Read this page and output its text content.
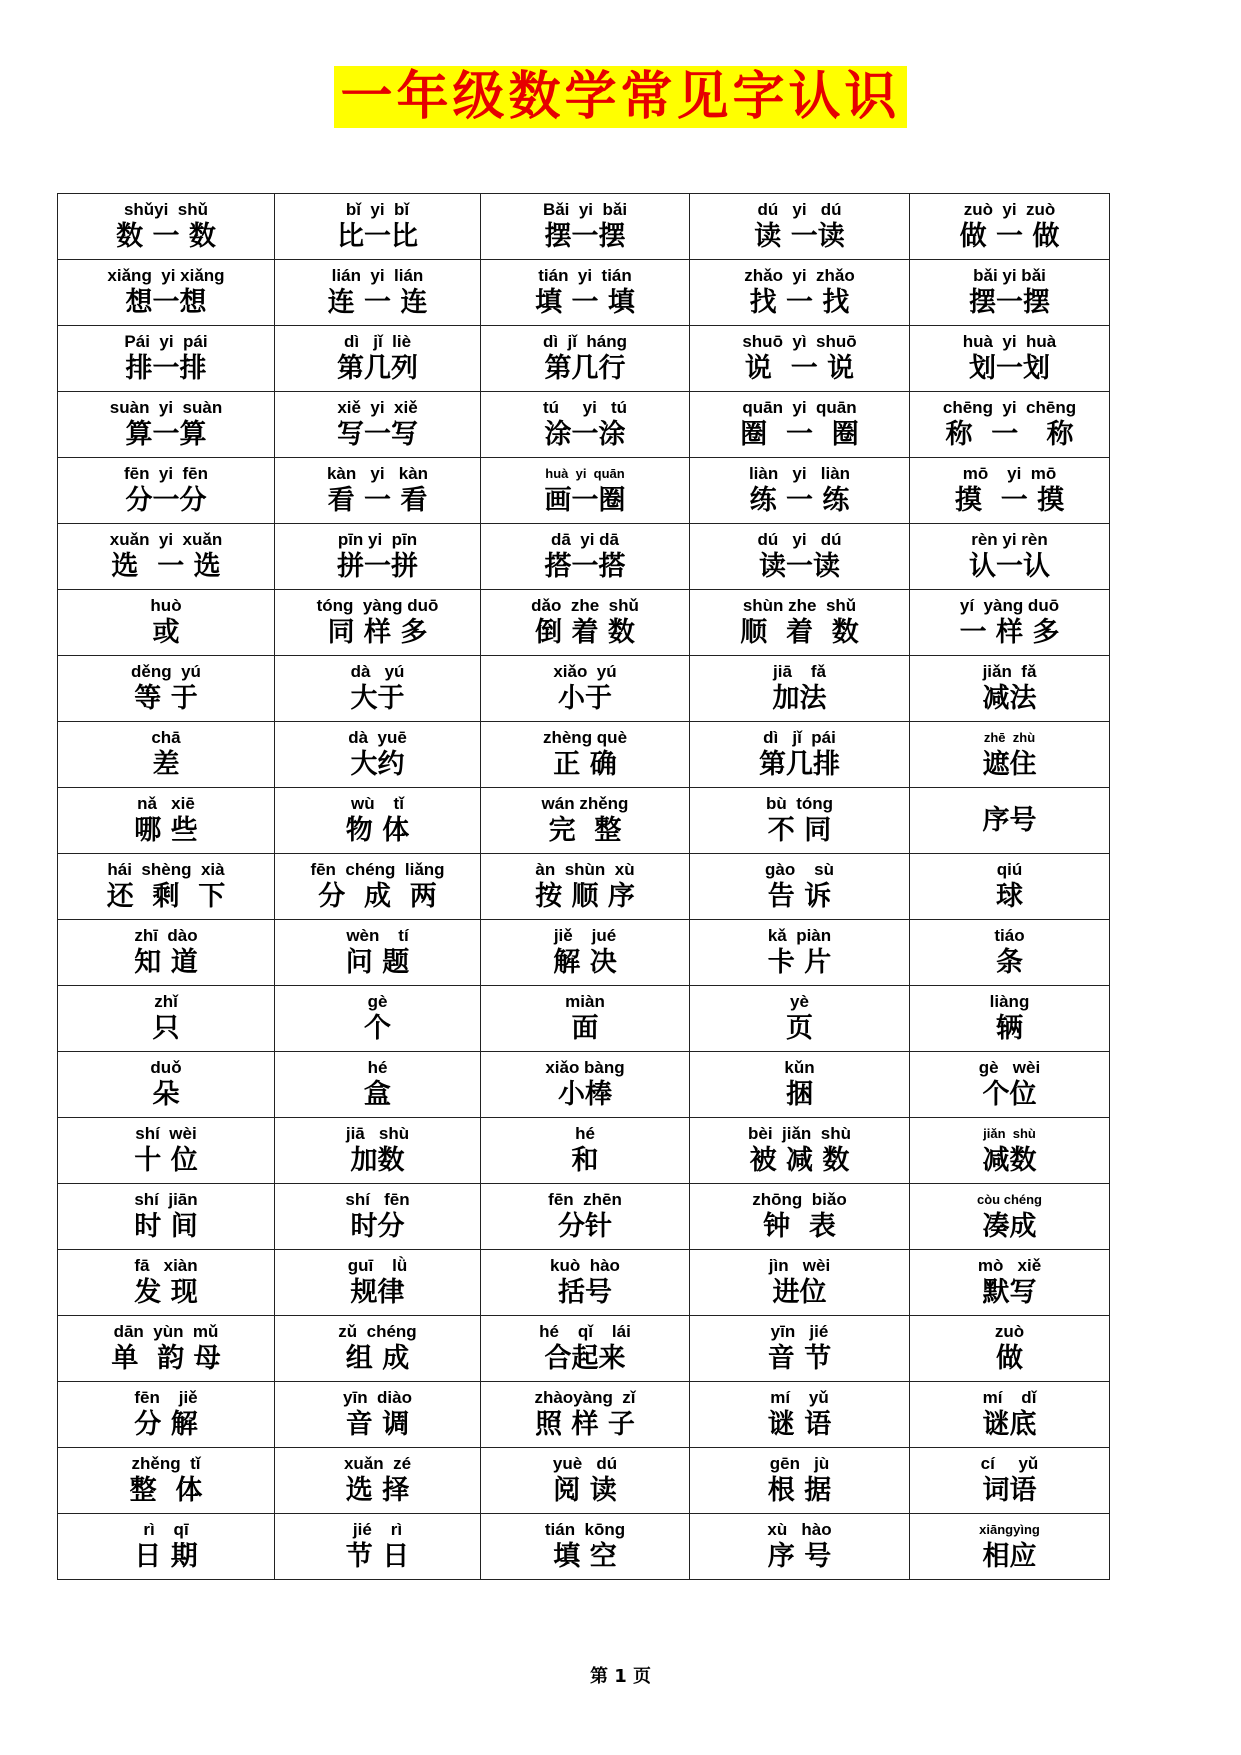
一年级数学常见字认识
shǔyi  shǔ
数 一 数	bǐ  yi  bǐ
比一比	Bǎi  yi  bǎi
摆一摆	dú   yi   dú
读 一读	zuò  yi  zuò
做 一 做

xiǎng  yi xiǎng
想一想	lián  yi  lián
连 一 连	tián  yi  tián
填 一 填	zhǎo  yi  zhǎo
找 一 找	bǎi yi bǎi
摆一摆

Pái  yi  pái
排一排	dì   jǐ  liè
第几列	dì  jǐ  háng
第几行	shuō  yì  shuō
说  一 说	huà  yi  huà
划一划

suàn  yi  suàn
算一算	xiě  yi  xiě
写一写	tú     yi   tú
涂一涂	quān  yi  quān
圈  一  圈	chēng  yi  chēng
称  一   称

fēn  yi  fēn
分一分	kàn   yi   kàn
看 一 看	huà  yi  quān
画一圈	liàn   yi   liàn
练 一 练	mō    yi  mō
摸  一 摸

xuǎn  yi  xuǎn
选  一 选	pīn yi  pīn
拼一拼	dā  yi dā
搭一搭	dú   yi   dú
读一读	rèn yi rèn
认一认

huò
或	tóng  yàng duō
同 样 多	dǎo  zhe  shǔ
倒 着 数	shùn zhe  shǔ
顺  着  数	yí  yàng duō
一 样 多

děng  yú
等 于	dà   yú
大于	xiǎo  yú
小于	jiā    fǎ
加法	jiǎn  fǎ
减法

chā
差	dà  yuē
大约	zhèng què
正 确	dì   jǐ  pái
第几排	zhē  zhù
遮住

nǎ   xiē
哪 些	wù    tǐ
物 体	wán zhěng
完  整	bù  tóng
不 同	序号

hái  shèng  xià
还  剩  下	fēn  chéng  liǎng
分  成  两	àn  shùn  xù
按 顺 序	gào    sù
告 诉	qiú
球

zhī  dào
知 道	wèn    tí
问 题	jiě    jué
解 决	kǎ  piàn
卡 片	tiáo
条

zhǐ
只	gè
个	miàn
面	yè
页	liàng
辆

duǒ
朵	hé
盒	xiǎo bàng
小棒	kǔn
捆	gè   wèi
个位

shí  wèi
十 位	jiā   shù
加数	hé
和	bèi  jiǎn  shù
被 减 数	jiǎn  shù
减数

shí  jiān
时 间	shí   fēn
时分	fēn  zhēn
分针	zhōng  biǎo
钟  表	còu chéng
凑成

fā   xiàn
发 现	guī    lǜ
规律	kuò  hào
括号	jìn   wèi
进位	mò   xiě
默写

dān  yùn  mǔ
单  韵 母	zǔ  chéng
组 成	hé    qǐ    lái
合起来	yīn   jié
音 节	zuò
做

fēn    jiě
分 解	yīn  diào
音 调	zhàoyàng  zǐ
照 样 子	mí    yǔ
谜 语	mí    dǐ
谜底

zhěng  tǐ
整  体	xuǎn  zé
选 择	yuè   dú
阅 读	gēn   jù
根 据	cí     yǔ
词语

rì    qī
日 期	jié    rì
节 日	tián  kōng
填 空	xù   hào
序 号	xiāngyìng
相应
第 1 页
